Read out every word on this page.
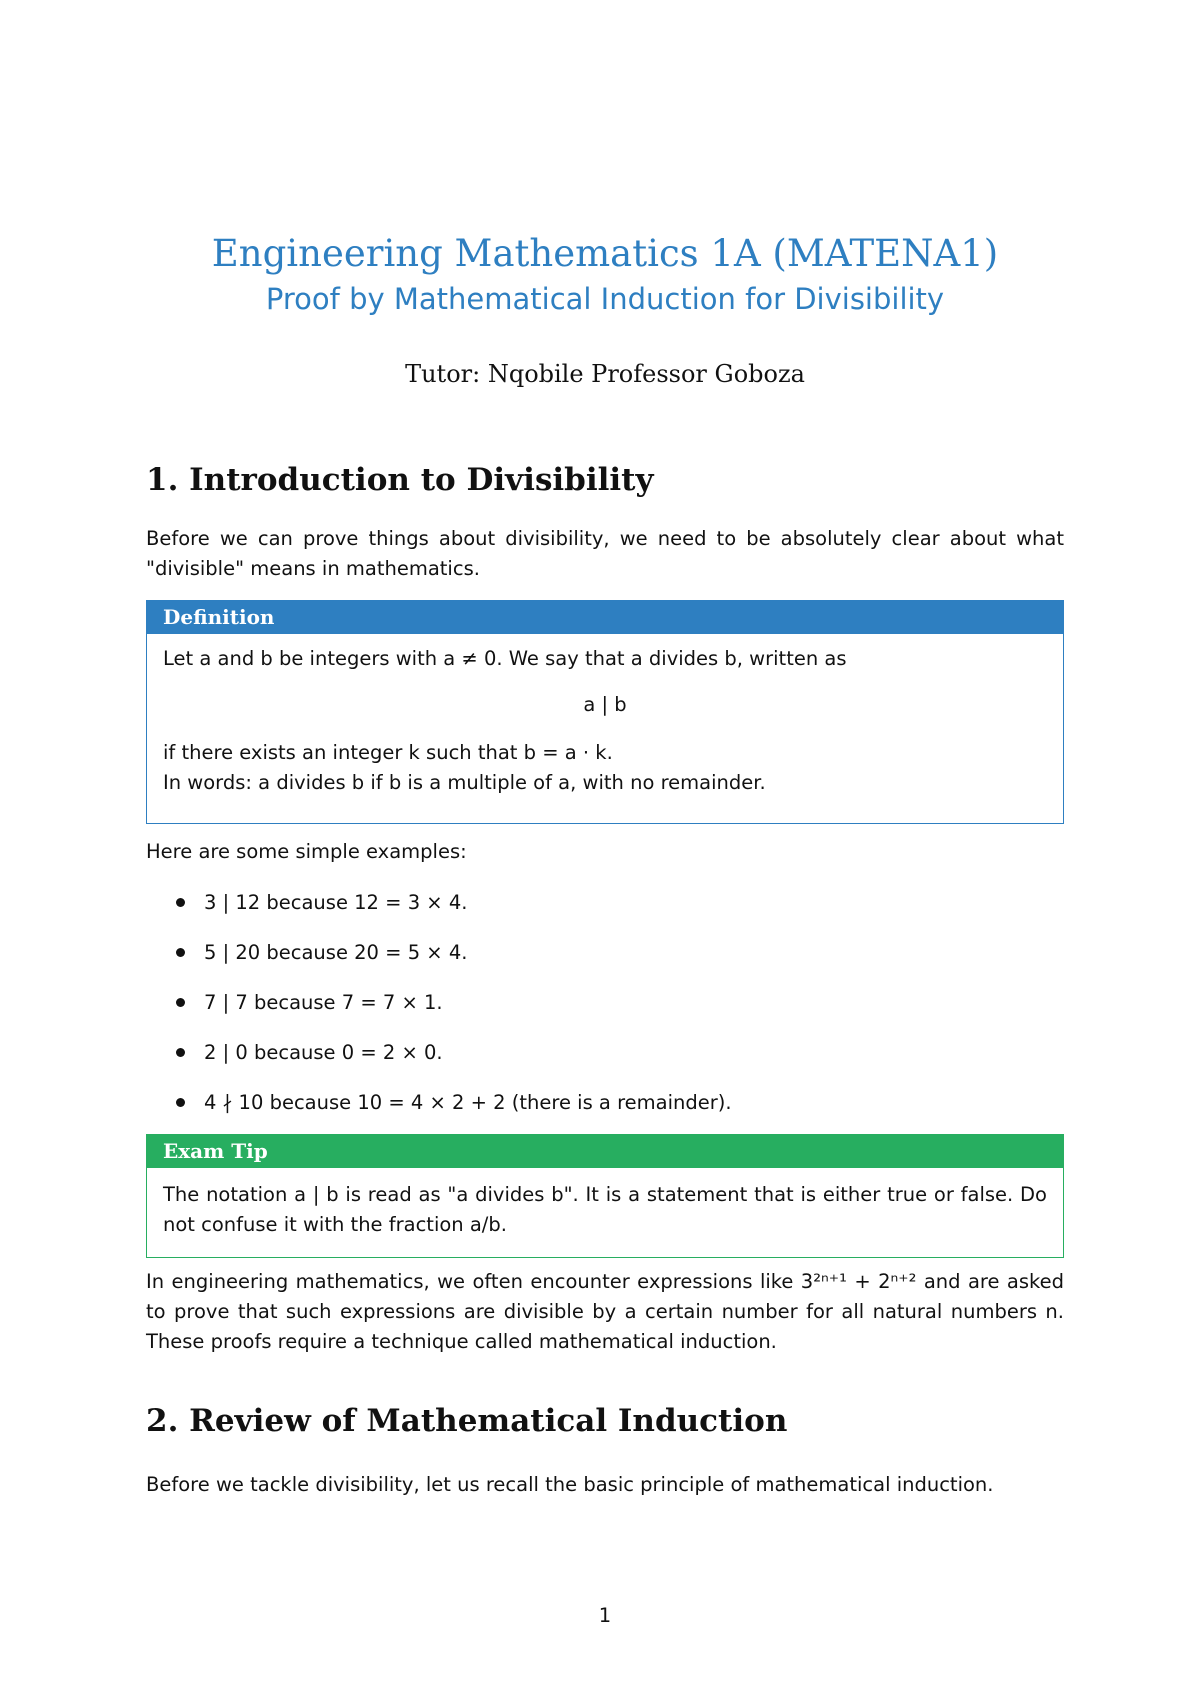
Engineering Mathematics 1A (MATENA1)
Proof by Mathematical Induction for Divisibility
Tutor: Nqobile Professor Goboza
1. Introduction to Divisibility

Before we can prove things about divisibility, we need to be absolutely clear about what "divisible" means in mathematics.

Definition
Let a and b be integers with a ≠ 0. We say that a divides b, written as
a | b
if there exists an integer k such that b = a · k.
In words: a divides b if b is a multiple of a, with no remainder.

Here are some simple examples:

3 | 12 because 12 = 3 × 4.
5 | 20 because 20 = 5 × 4.
7 | 7 because 7 = 7 × 1.
2 | 0 because 0 = 2 × 0.
4 ∤ 10 because 10 = 4 × 2 + 2 (there is a remainder).
Exam Tip
The notation a | b is read as "a divides b". It is a statement that is either true or false. Do not confuse it with the fraction a/b.

In engineering mathematics, we often encounter expressions like 3²ⁿ⁺¹ + 2ⁿ⁺² and are asked to prove that such expressions are divisible by a certain number for all natural numbers n. These proofs require a technique called mathematical induction.

2. Review of Mathematical Induction

Before we tackle divisibility, let us recall the basic principle of mathematical induction.

1
